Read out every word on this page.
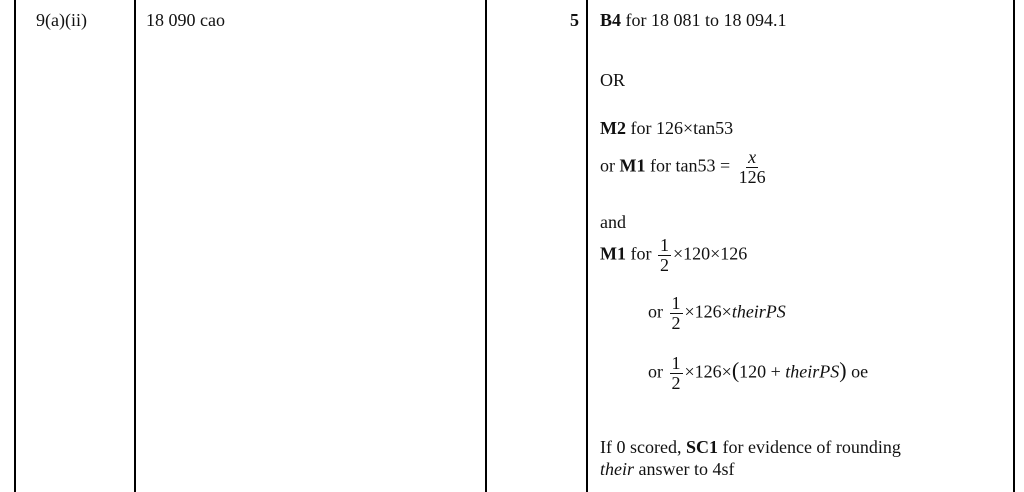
9(a)(ii)	18 090 cao	5 B4 for 18 081 to 18 094.1
OR
M2 for 126×tan53
or M1 for $\tan 53 = \frac{x}{126}$
and
M1 for $\frac{1}{2} \times 120\times 126$
or $\frac{1}{2}$ ×126×theirPS
or $\frac{1}{2} \times 126\times(120$ + theirPS) oe
If 0 scored, SC1 for evidence of rounding
their answer to 4sf
